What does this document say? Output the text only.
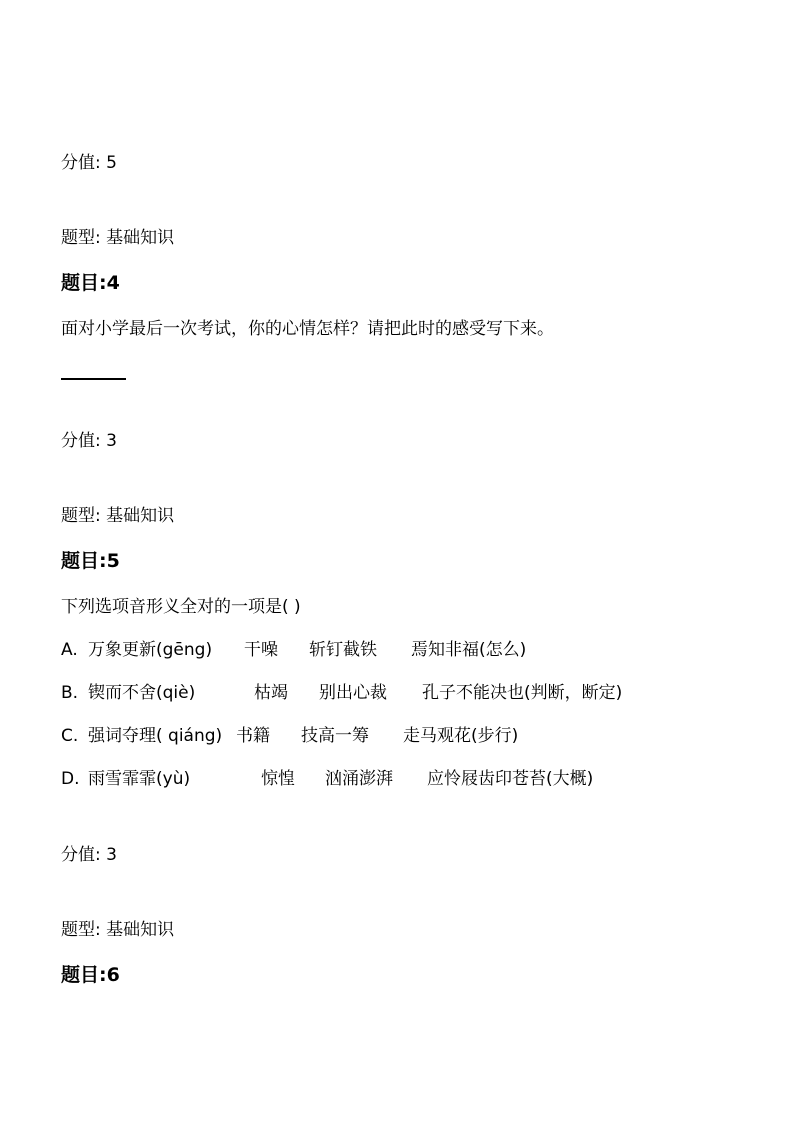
分值: 5
题型: 基础知识
题目:4
面对小学最后一次考试，你的心情怎样？请把此时的感受写下来。
分值: 3
题型: 基础知识
题目:5
下列选项音形义全对的一项是( )
A. 万象更新(gēng) 干噪 斩钉截铁 焉知非福(怎么)
B. 锲而不舍(qiè)	枯竭 别出心裁 孔子不能决也(判断，断定)
C. 强词夺理( qiáng) 书籍 技高一筹 走马观花(步行)
D. 雨雪霏霏(yù)	惊惶 汹涌澎湃 应怜屐齿印苍苔(大概)
分值: 3
题型: 基础知识
题目:6
